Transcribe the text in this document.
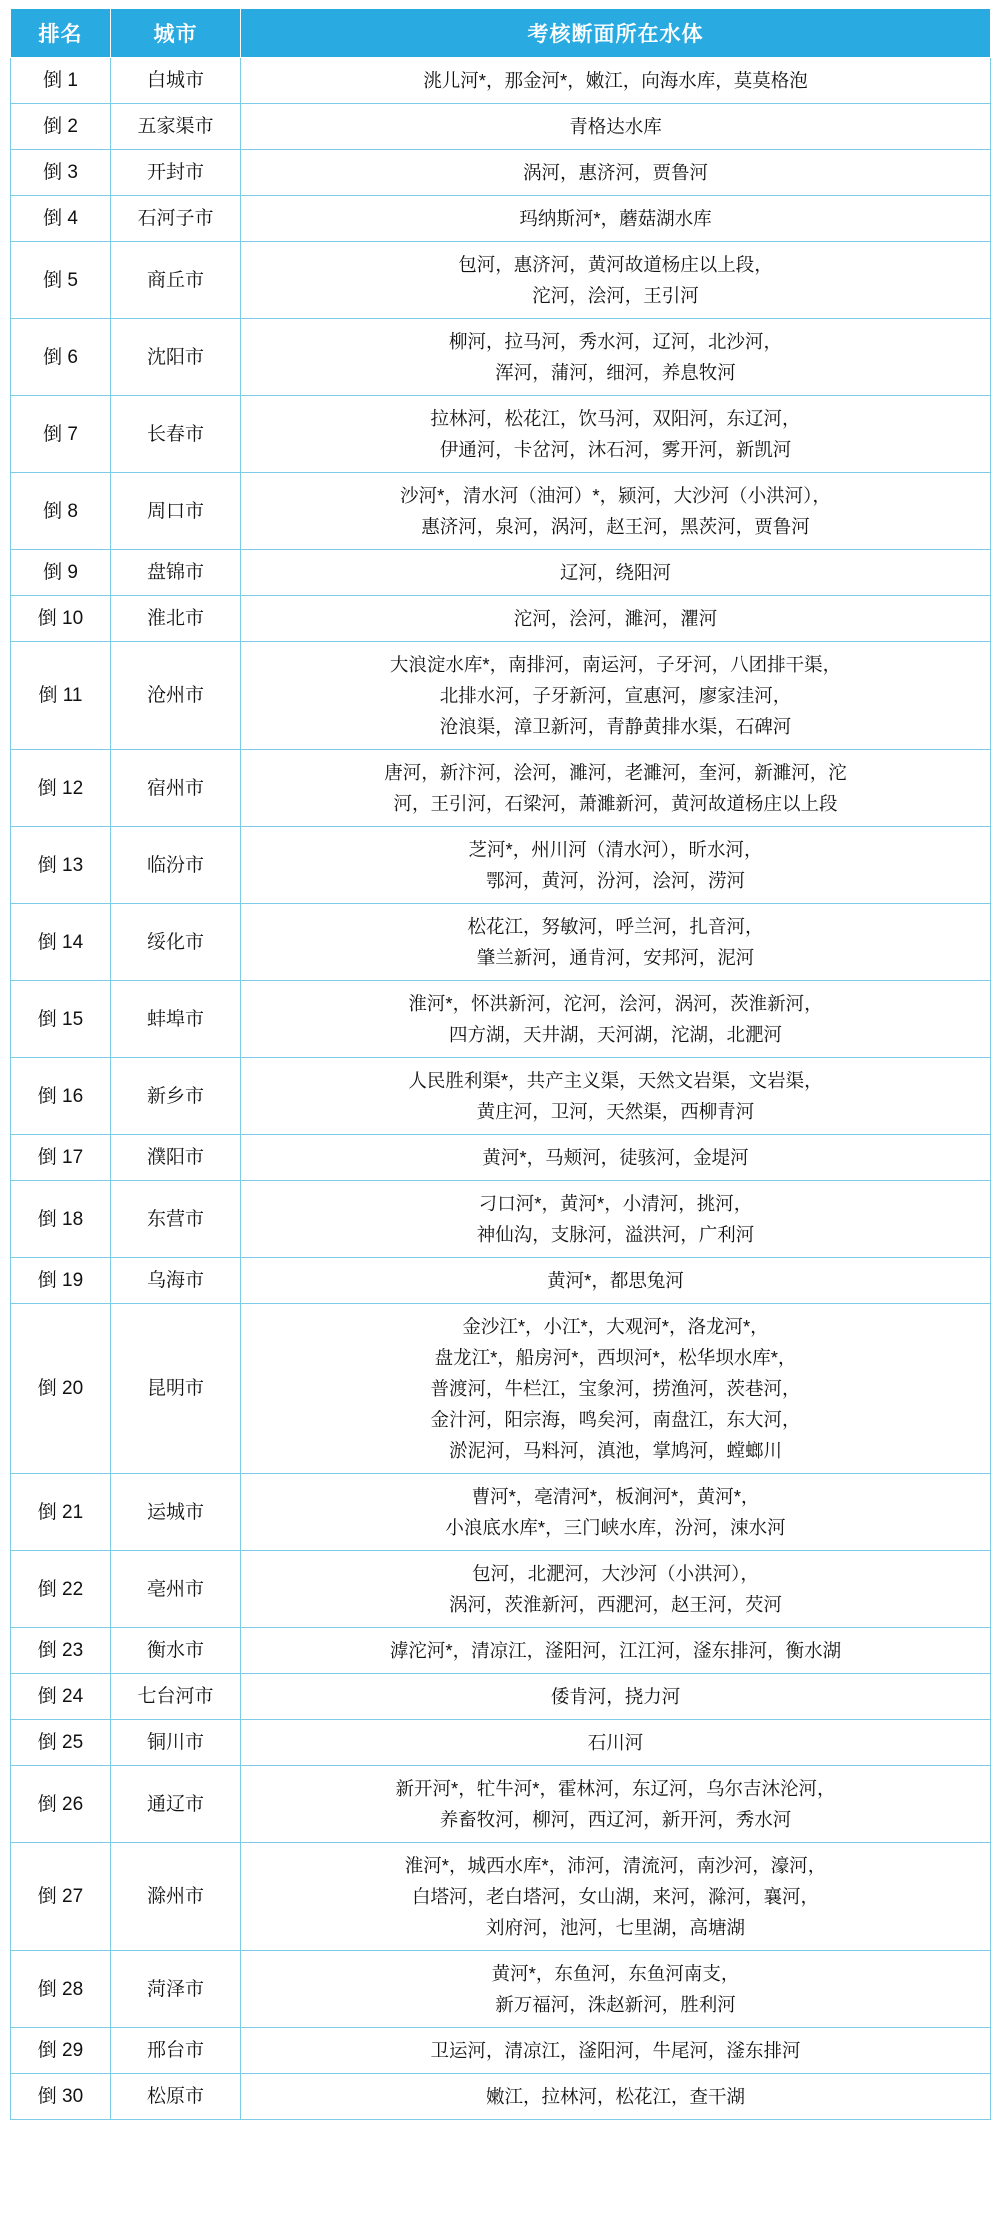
排名	城市	考核断面所在水体
倒 1	白城市	洮儿河*，那金河*，嫩江，向海水库，莫莫格泡

倒 2	五家渠市	青格达水库

倒 3	开封市	涡河，惠济河，贾鲁河

倒 4	石河子市	玛纳斯河*，蘑菇湖水库

倒 5	商丘市	包河，惠济河，黄河故道杨庄以上段，
沱河，浍河，王引河

倒 6	沈阳市	柳河，拉马河，秀水河，辽河，北沙河，
浑河，蒲河，细河，养息牧河

倒 7	长春市	拉林河，松花江，饮马河，双阳河，东辽河，
伊通河，卡岔河，沐石河，雾开河，新凯河

倒 8	周口市	沙河*，清水河（油河）*，颍河，大沙河（小洪河），
惠济河，泉河，涡河，赵王河，黑茨河，贾鲁河

倒 9	盘锦市	辽河，绕阳河

倒 10	淮北市	沱河，浍河，濉河，灈河

倒 11	沧州市	大浪淀水库*，南排河，南运河，子牙河，八团排干渠，
北排水河，子牙新河，宣惠河，廖家洼河，
沧浪渠，漳卫新河，青静黄排水渠，石碑河

倒 12	宿州市	唐河，新汴河，浍河，濉河，老濉河，奎河，新濉河，沱
河，王引河，石梁河，萧濉新河，黄河故道杨庄以上段

倒 13	临汾市	芝河*，州川河（清水河），昕水河，
鄂河，黄河，汾河，浍河，涝河

倒 14	绥化市	松花江，努敏河，呼兰河，扎音河，
肇兰新河，通肯河，安邦河，泥河

倒 15	蚌埠市	淮河*，怀洪新河，沱河，浍河，涡河，茨淮新河，
四方湖，天井湖，天河湖，沱湖，北淝河

倒 16	新乡市	人民胜利渠*，共产主义渠，天然文岩渠，文岩渠，
黄庄河，卫河，天然渠，西柳青河

倒 17	濮阳市	黄河*，马颊河，徒骇河，金堤河

倒 18	东营市	刁口河*，黄河*，小清河，挑河，
神仙沟，支脉河，溢洪河，广利河

倒 19	乌海市	黄河*，都思兔河

倒 20	昆明市	金沙江*，小江*，大观河*，洛龙河*，
盘龙江*，船房河*，西坝河*，松华坝水库*，
普渡河，牛栏江，宝象河，捞渔河，茨巷河，
金汁河，阳宗海，鸣矣河，南盘江，东大河，
淤泥河，马料河，滇池，掌鸠河，螳螂川

倒 21	运城市	曹河*，亳清河*，板涧河*，黄河*，
小浪底水库*，三门峡水库，汾河，涑水河

倒 22	亳州市	包河，北淝河，大沙河（小洪河），
涡河，茨淮新河，西淝河，赵王河，芡河

倒 23	衡水市	滹沱河*，清凉江，滏阳河，江江河，滏东排河，衡水湖

倒 24	七台河市	倭肯河，挠力河

倒 25	铜川市	石川河

倒 26	通辽市	新开河*，牤牛河*，霍林河，东辽河，乌尔吉沐沦河，
养畜牧河，柳河，西辽河，新开河，秀水河

倒 27	滁州市	淮河*，城西水库*，沛河，清流河，南沙河，濠河，
白塔河，老白塔河，女山湖，来河，滁河，襄河，
刘府河，池河，七里湖，高塘湖

倒 28	菏泽市	黄河*，东鱼河，东鱼河南支，
新万福河，洙赵新河，胜利河

倒 29	邢台市	卫运河，清凉江，滏阳河，牛尾河，滏东排河

倒 30	松原市	嫩江，拉林河，松花江，查干湖
